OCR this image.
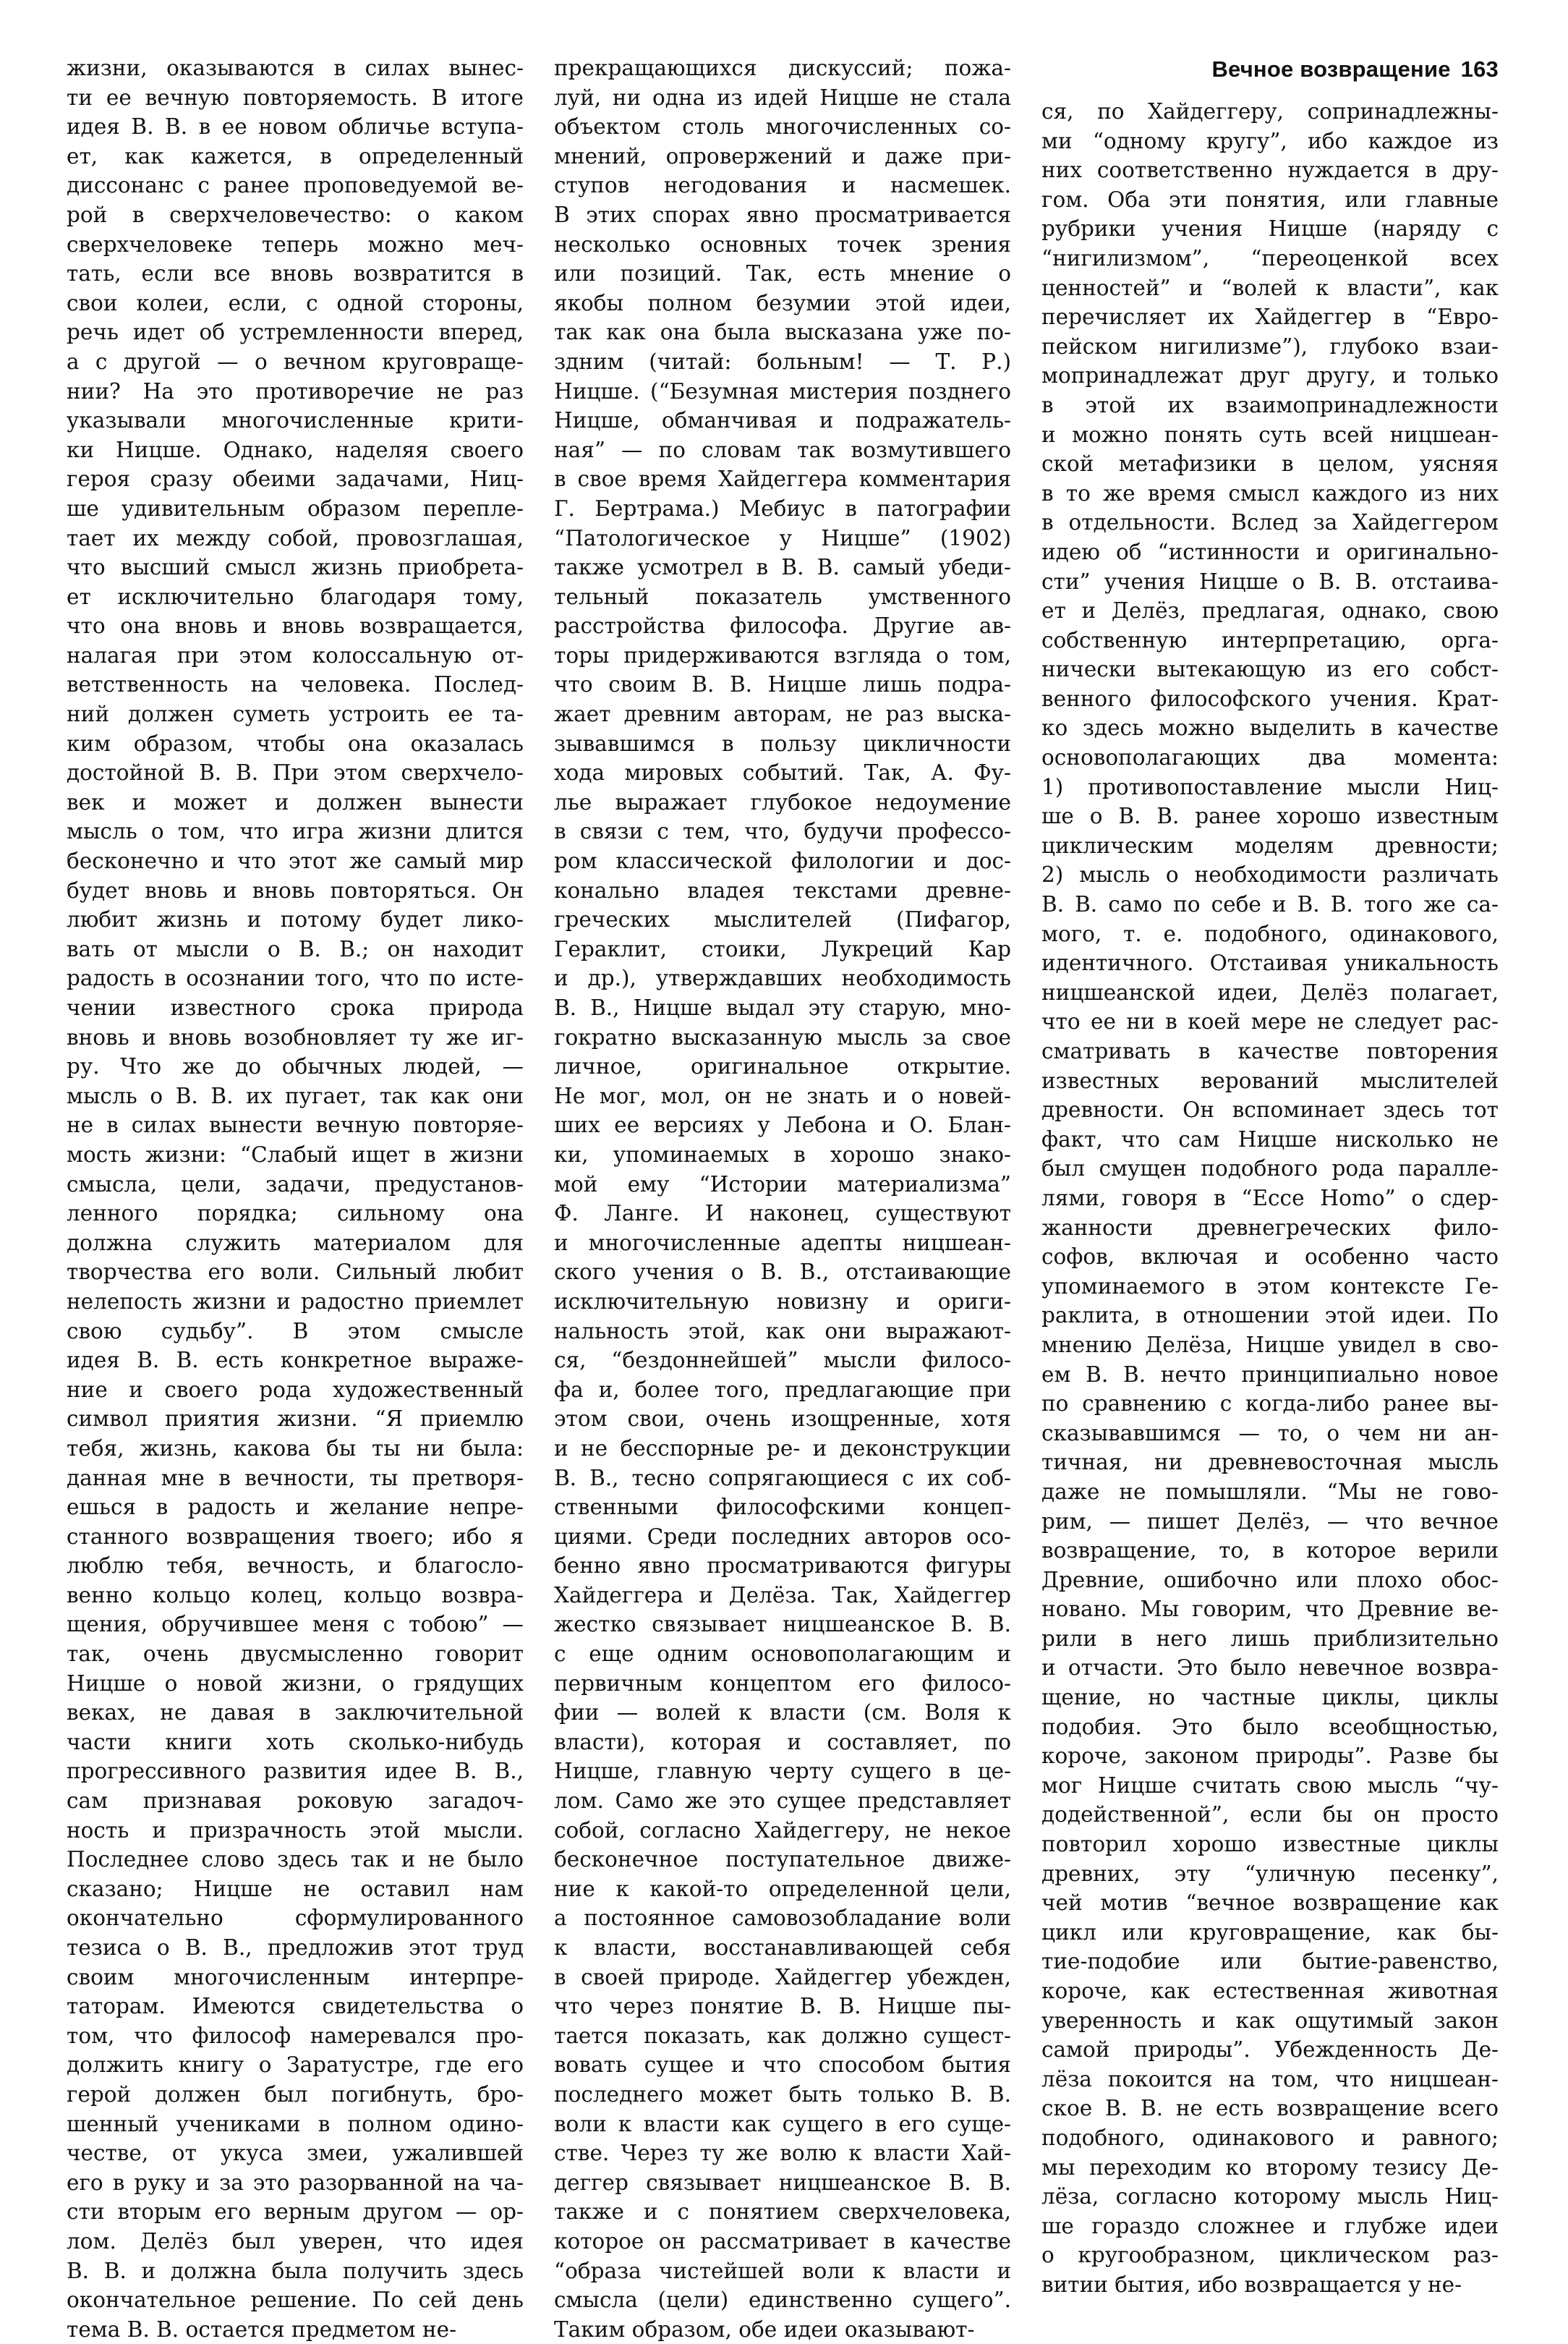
Вечное возвращение 163
жизни, оказываются в силах вынес-
ти ее вечную повторяемость. В итоге
идея В. В. в ее новом обличье вступа-
ет, как кажется, в определенный
диссонанс с ранее проповедуемой ве-
рой в сверхчеловечество: о каком
сверхчеловеке теперь можно меч-
тать, если все вновь возвратится в
свои колеи, если, с одной стороны,
речь идет об устремленности вперед,
а с другой — о вечном круговраще-
нии? На это противоречие не раз
указывали многочисленные крити-
ки Ницше. Однако, наделяя своего
героя сразу обеими задачами, Ниц-
ше удивительным образом перепле-
тает их между собой, провозглашая,
что высший смысл жизнь приобрета-
ет исключительно благодаря тому,
что она вновь и вновь возвращается,
налагая при этом колоссальную от-
ветственность на человека. Послед-
ний должен суметь устроить ее та-
ким образом, чтобы она оказалась
достойной В. В. При этом сверхчело-
век и может и должен вынести
мысль о том, что игра жизни длится
бесконечно и что этот же самый мир
будет вновь и вновь повторяться. Он
любит жизнь и потому будет лико-
вать от мысли о В. В.; он находит
радость в осознании того, что по исте-
чении известного срока природа
вновь и вновь возобновляет ту же иг-
ру. Что же до обычных людей, —
мысль о В. В. их пугает, так как они
не в силах вынести вечную повторяе-
мость жизни: “Слабый ищет в жизни
смысла, цели, задачи, предустанов-
ленного порядка; сильному она
должна служить материалом для
творчества его воли. Сильный любит
нелепость жизни и радостно приемлет
свою судьбу”. В этом смысле
идея В. В. есть конкретное выраже-
ние и своего рода художественный
символ приятия жизни. “Я приемлю
тебя, жизнь, какова бы ты ни была:
данная мне в вечности, ты претворя-
ешься в радость и желание непре-
станного возвращения твоего; ибо я
люблю тебя, вечность, и благосло-
венно кольцо колец, кольцо возвра-
щения, обручившее меня с тобою” —
так, очень двусмысленно говорит
Ницше о новой жизни, о грядущих
веках, не давая в заключительной
части книги хоть сколько-нибудь
прогрессивного развития идее В. В.,
сам признавая роковую загадоч-
ность и призрачность этой мысли.
Последнее слово здесь так и не было
сказано; Ницше не оставил нам
окончательно сформулированного
тезиса о В. В., предложив этот труд
своим многочисленным интерпре-
таторам. Имеются свидетельства о
том, что философ намеревался про-
должить книгу о Заратустре, где его
герой должен был погибнуть, бро-
шенный учениками в полном одино-
честве, от укуса змеи, ужалившей
его в руку и за это разорванной на ча-
сти вторым его верным другом — ор-
лом. Делёз был уверен, что идея
В. В. и должна была получить здесь
окончательное решение. По сей день
тема В. В. остается предметом не-
прекращающихся дискуссий; пожа-
луй, ни одна из идей Ницше не стала
объектом столь многочисленных со-
мнений, опровержений и даже при-
ступов негодования и насмешек.
В этих спорах явно просматривается
несколько основных точек зрения
или позиций. Так, есть мнение о
якобы полном безумии этой идеи,
так как она была высказана уже по-
здним (читай: больным! — Т. Р.)
Ницше. (“Безумная мистерия позднего
Ницше, обманчивая и подражатель-
ная” — по словам так возмутившего
в свое время Хайдеггера комментария
Г. Бертрама.) Мебиус в патографии
“Патологическое у Ницше” (1902)
также усмотрел в В. В. самый убеди-
тельный показатель умственного
расстройства философа. Другие ав-
торы придерживаются взгляда о том,
что своим В. В. Ницше лишь подра-
жает древним авторам, не раз выска-
зывавшимся в пользу цикличности
хода мировых событий. Так, А. Фу-
лье выражает глубокое недоумение
в связи с тем, что, будучи профессо-
ром классической филологии и дос-
конально владея текстами древне-
греческих мыслителей (Пифагор,
Гераклит, стоики, Лукреций Кар
и др.), утверждавших необходимость
В. В., Ницше выдал эту старую, мно-
гократно высказанную мысль за свое
личное, оригинальное открытие.
Не мог, мол, он не знать и о новей-
ших ее версиях у Лебона и О. Блан-
ки, упоминаемых в хорошо знако-
мой ему “Истории материализма”
Ф. Ланге. И наконец, существуют
и многочисленные адепты ницшеан-
ского учения о В. В., отстаивающие
исключительную новизну и ориги-
нальность этой, как они выражают-
ся, “бездоннейшей” мысли филосо-
фа и, более того, предлагающие при
этом свои, очень изощренные, хотя
и не бесспорные ре- и деконструкции
В. В., тесно сопрягающиеся с их соб-
ственными философскими концеп-
циями. Среди последних авторов осо-
бенно явно просматриваются фигуры
Хайдеггера и Делёза. Так, Хайдеггер
жестко связывает ницшеанское В. В.
с еще одним основополагающим и
первичным концептом его филосо-
фии — волей к власти (см. Воля к
власти), которая и составляет, по
Ницше, главную черту сущего в це-
лом. Само же это сущее представляет
собой, согласно Хайдеггеру, не некое
бесконечное поступательное движе-
ние к какой-то определенной цели,
а постоянное самовозобладание воли
к власти, восстанавливающей себя
в своей природе. Хайдеггер убежден,
что через понятие В. В. Ницше пы-
тается показать, как должно сущест-
вовать сущее и что способом бытия
последнего может быть только В. В.
воли к власти как сущего в его суще-
стве. Через ту же волю к власти Хай-
деггер связывает ницшеанское В. В.
также и с понятием сверхчеловека,
которое он рассматривает в качестве
“образа чистейшей воли к власти и
смысла (цели) единственно сущего”.
Таким образом, обе идеи оказывают-
ся, по Хайдеггеру, сопринадлежны-
ми “одному кругу”, ибо каждое из
них соответственно нуждается в дру-
гом. Оба эти понятия, или главные
рубрики учения Ницше (наряду с
“нигилизмом”, “переоценкой всех
ценностей” и “волей к власти”, как
перечисляет их Хайдеггер в “Евро-
пейском нигилизме”), глубоко взаи-
мопринадлежат друг другу, и только
в этой их взаимопринадлежности
и можно понять суть всей ницшеан-
ской метафизики в целом, уясняя
в то же время смысл каждого из них
в отдельности. Вслед за Хайдеггером
идею об “истинности и оригинально-
сти” учения Ницше о В. В. отстаива-
ет и Делёз, предлагая, однако, свою
собственную интерпретацию, орга-
нически вытекающую из его собст-
венного философского учения. Крат-
ко здесь можно выделить в качестве
основополагающих два момента:
1) противопоставление мысли Ниц-
ше о В. В. ранее хорошо известным
циклическим моделям древности;
2) мысль о необходимости различать
В. В. само по себе и В. В. того же са-
мого, т. е. подобного, одинакового,
идентичного. Отстаивая уникальность
ницшеанской идеи, Делёз полагает,
что ее ни в коей мере не следует рас-
сматривать в качестве повторения
известных верований мыслителей
древности. Он вспоминает здесь тот
факт, что сам Ницше нисколько не
был смущен подобного рода паралле-
лями, говоря в “Ecce Homo” о сдер-
жанности древнегреческих фило-
софов, включая и особенно часто
упоминаемого в этом контексте Ге-
раклита, в отношении этой идеи. По
мнению Делёза, Ницше увидел в сво-
ем В. В. нечто принципиально новое
по сравнению с когда-либо ранее вы-
сказывавшимся — то, о чем ни ан-
тичная, ни древневосточная мысль
даже не помышляли. “Мы не гово-
рим, — пишет Делёз, — что вечное
возвращение, то, в которое верили
Древние, ошибочно или плохо обос-
новано. Мы говорим, что Древние ве-
рили в него лишь приблизительно
и отчасти. Это было невечное возвра-
щение, но частные циклы, циклы
подобия. Это было всеобщностью,
короче, законом природы”. Разве бы
мог Ницше считать свою мысль “чу-
додейственной”, если бы он просто
повторил хорошо известные циклы
древних, эту “уличную песенку”,
чей мотив “вечное возвращение как
цикл или круговращение, как бы-
тие-подобие или бытие-равенство,
короче, как естественная животная
уверенность и как ощутимый закон
самой природы”. Убежденность Де-
лёза покоится на том, что ницшеан-
ское В. В. не есть возвращение всего
подобного, одинакового и равного;
мы переходим ко второму тезису Де-
лёза, согласно которому мысль Ниц-
ше гораздо сложнее и глубже идеи
о кругообразном, циклическом раз-
витии бытия, ибо возвращается у не-
